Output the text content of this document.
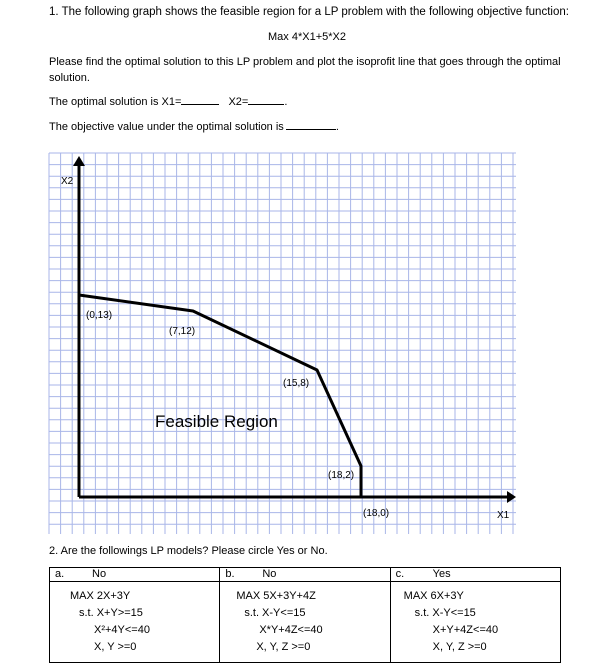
1. The following graph shows the feasible region for a LP problem with the following objective function:
Max 4*X1+5*X2
Please find the optimal solution to this LP problem and plot the isoprofit line that goes through the optimal solution.
The optimal solution is X1=	X2=	.
The objective value under the optimal solution is	.
X2
X1
Feasible Region
(0,13)
(7,12)
(15,8)
(18,2)
(18,0)
2. Are the followings LP models? Please circle Yes or No.
a.	No
MAX 2X+3Y
s.t. X+Y>=15
X²+4Y<=40
X, Y >=0

b.	No
MAX 5X+3Y+4Z
s.t. X-Y<=15
X*Y+4Z<=40
X, Y, Z >=0

c.	Yes
MAX 6X+3Y
s.t. X-Y<=15
X+Y+4Z<=40
X, Y, Z >=0
